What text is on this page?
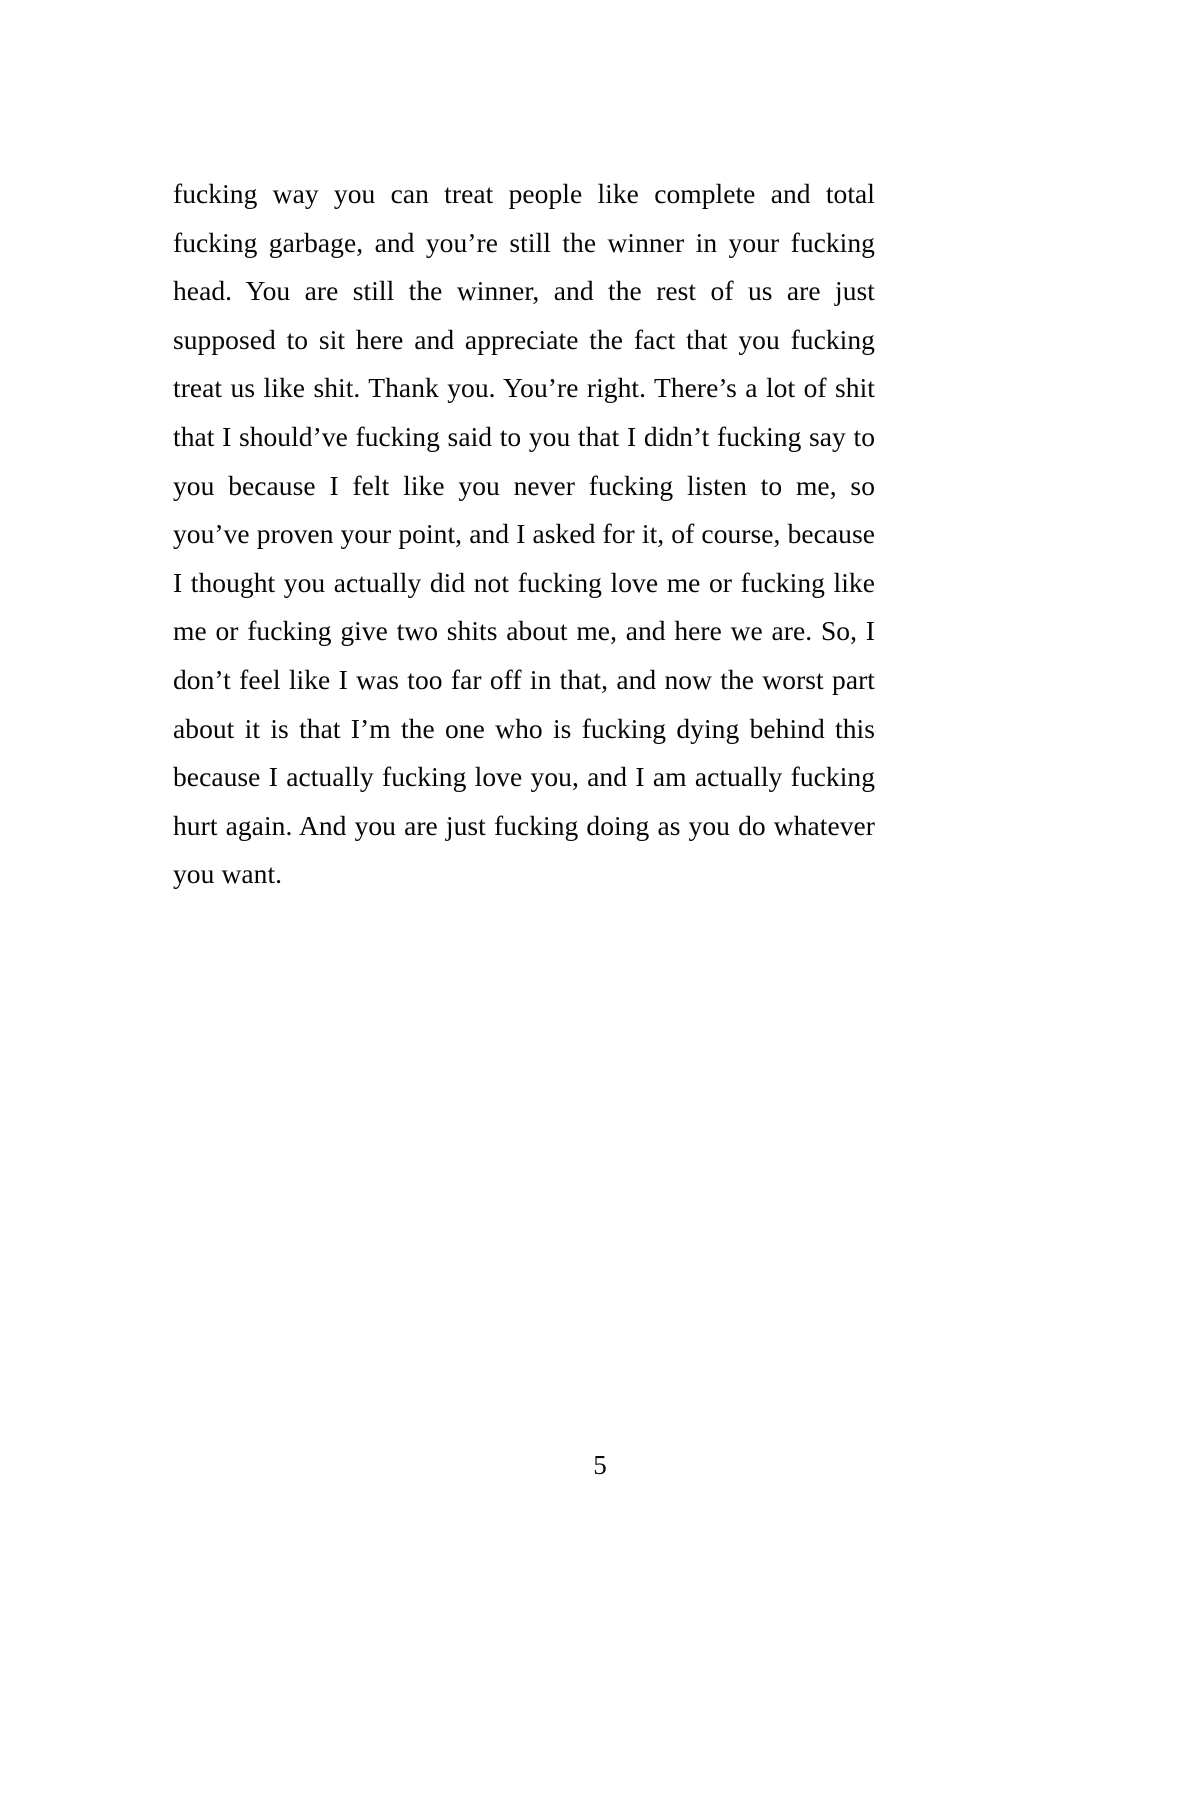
fucking way you can treat people like complete and total fucking garbage, and you’re still the winner in your fucking head. You are still the winner, and the rest of us are just supposed to sit here and appreciate the fact that you fucking treat us like shit. Thank you. You’re right. There’s a lot of shit that I should’ve fucking said to you that I didn’t fucking say to you because I felt like you never fucking listen to me, so you’ve proven your point, and I asked for it, of course, because I thought you actually did not fucking love me or fucking like me or fucking give two shits about me, and here we are. So, I don’t feel like I was too far off in that, and now the worst part about it is that I’m the one who is fucking dying behind this because I actually fucking love you, and I am actually fucking hurt again. And you are just fucking doing as you do whatever you want.

5
